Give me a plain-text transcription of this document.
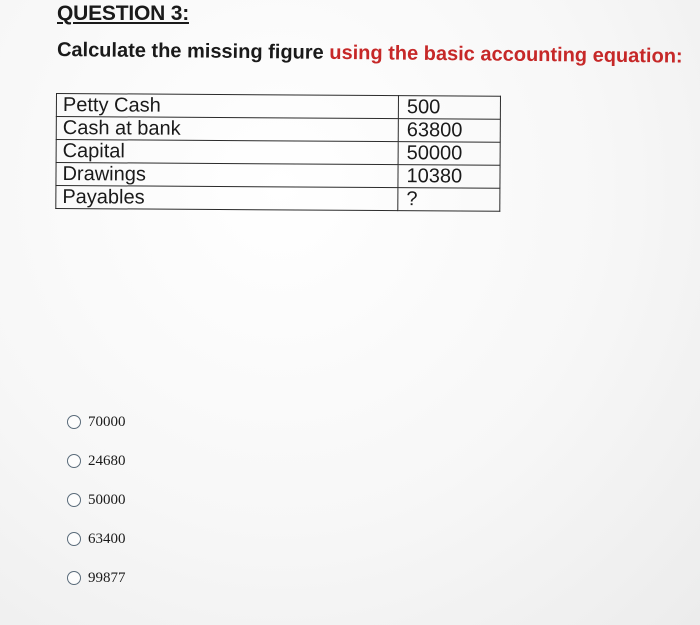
QUESTION 3:
Calculate the missing figure using the basic accounting equation:
Petty Cash	500
Cash at bank	63800
Capital	50000
Drawings	10380
Payables	?
70000
24680
50000
63400
99877
